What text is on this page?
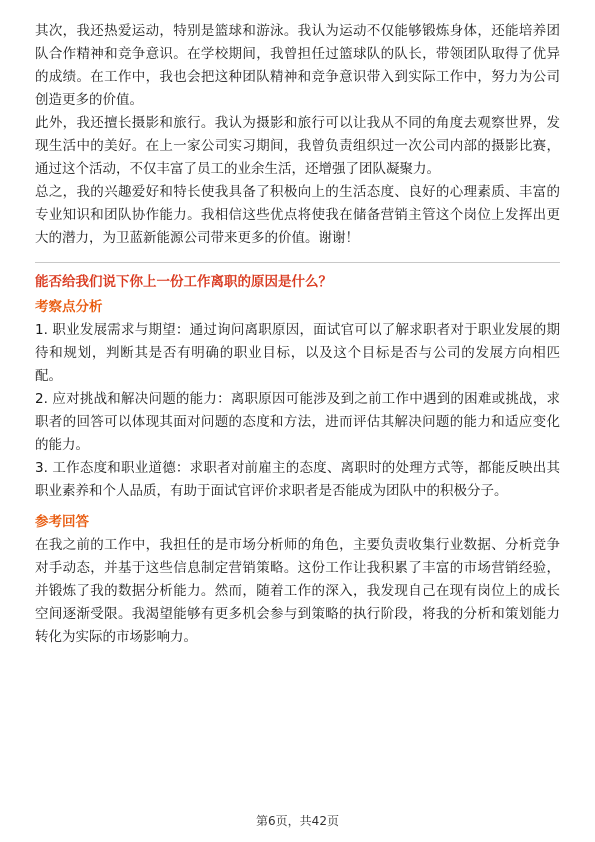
其次，我还热爱运动，特别是篮球和游泳。我认为运动不仅能够锻炼身体，还能培养团队合作精神和竞争意识。在学校期间，我曾担任过篮球队的队长，带领团队取得了优异的成绩。在工作中，我也会把这种团队精神和竞争意识带入到实际工作中，努力为公司创造更多的价值。

此外，我还擅长摄影和旅行。我认为摄影和旅行可以让我从不同的角度去观察世界，发现生活中的美好。在上一家公司实习期间，我曾负责组织过一次公司内部的摄影比赛，通过这个活动，不仅丰富了员工的业余生活，还增强了团队凝聚力。

总之，我的兴趣爱好和特长使我具备了积极向上的生活态度、良好的心理素质、丰富的专业知识和团队协作能力。我相信这些优点将使我在储备营销主管这个岗位上发挥出更大的潜力，为卫蓝新能源公司带来更多的价值。谢谢！

能否给我们说下你上一份工作离职的原因是什么？

考察点分析

1. 职业发展需求与期望：通过询问离职原因，面试官可以了解求职者对于职业发展的期待和规划，判断其是否有明确的职业目标，以及这个目标是否与公司的发展方向相匹配。

2. 应对挑战和解决问题的能力：离职原因可能涉及到之前工作中遇到的困难或挑战，求职者的回答可以体现其面对问题的态度和方法，进而评估其解决问题的能力和适应变化的能力。

3. 工作态度和职业道德：求职者对前雇主的态度、离职时的处理方式等，都能反映出其职业素养和个人品质，有助于面试官评价求职者是否能成为团队中的积极分子。

参考回答

在我之前的工作中，我担任的是市场分析师的角色，主要负责收集行业数据、分析竞争对手动态，并基于这些信息制定营销策略。这份工作让我积累了丰富的市场营销经验，并锻炼了我的数据分析能力。然而，随着工作的深入，我发现自己在现有岗位上的成长空间逐渐受限。我渴望能够有更多机会参与到策略的执行阶段，将我的分析和策划能力转化为实际的市场影响力。

第6页，共42页
